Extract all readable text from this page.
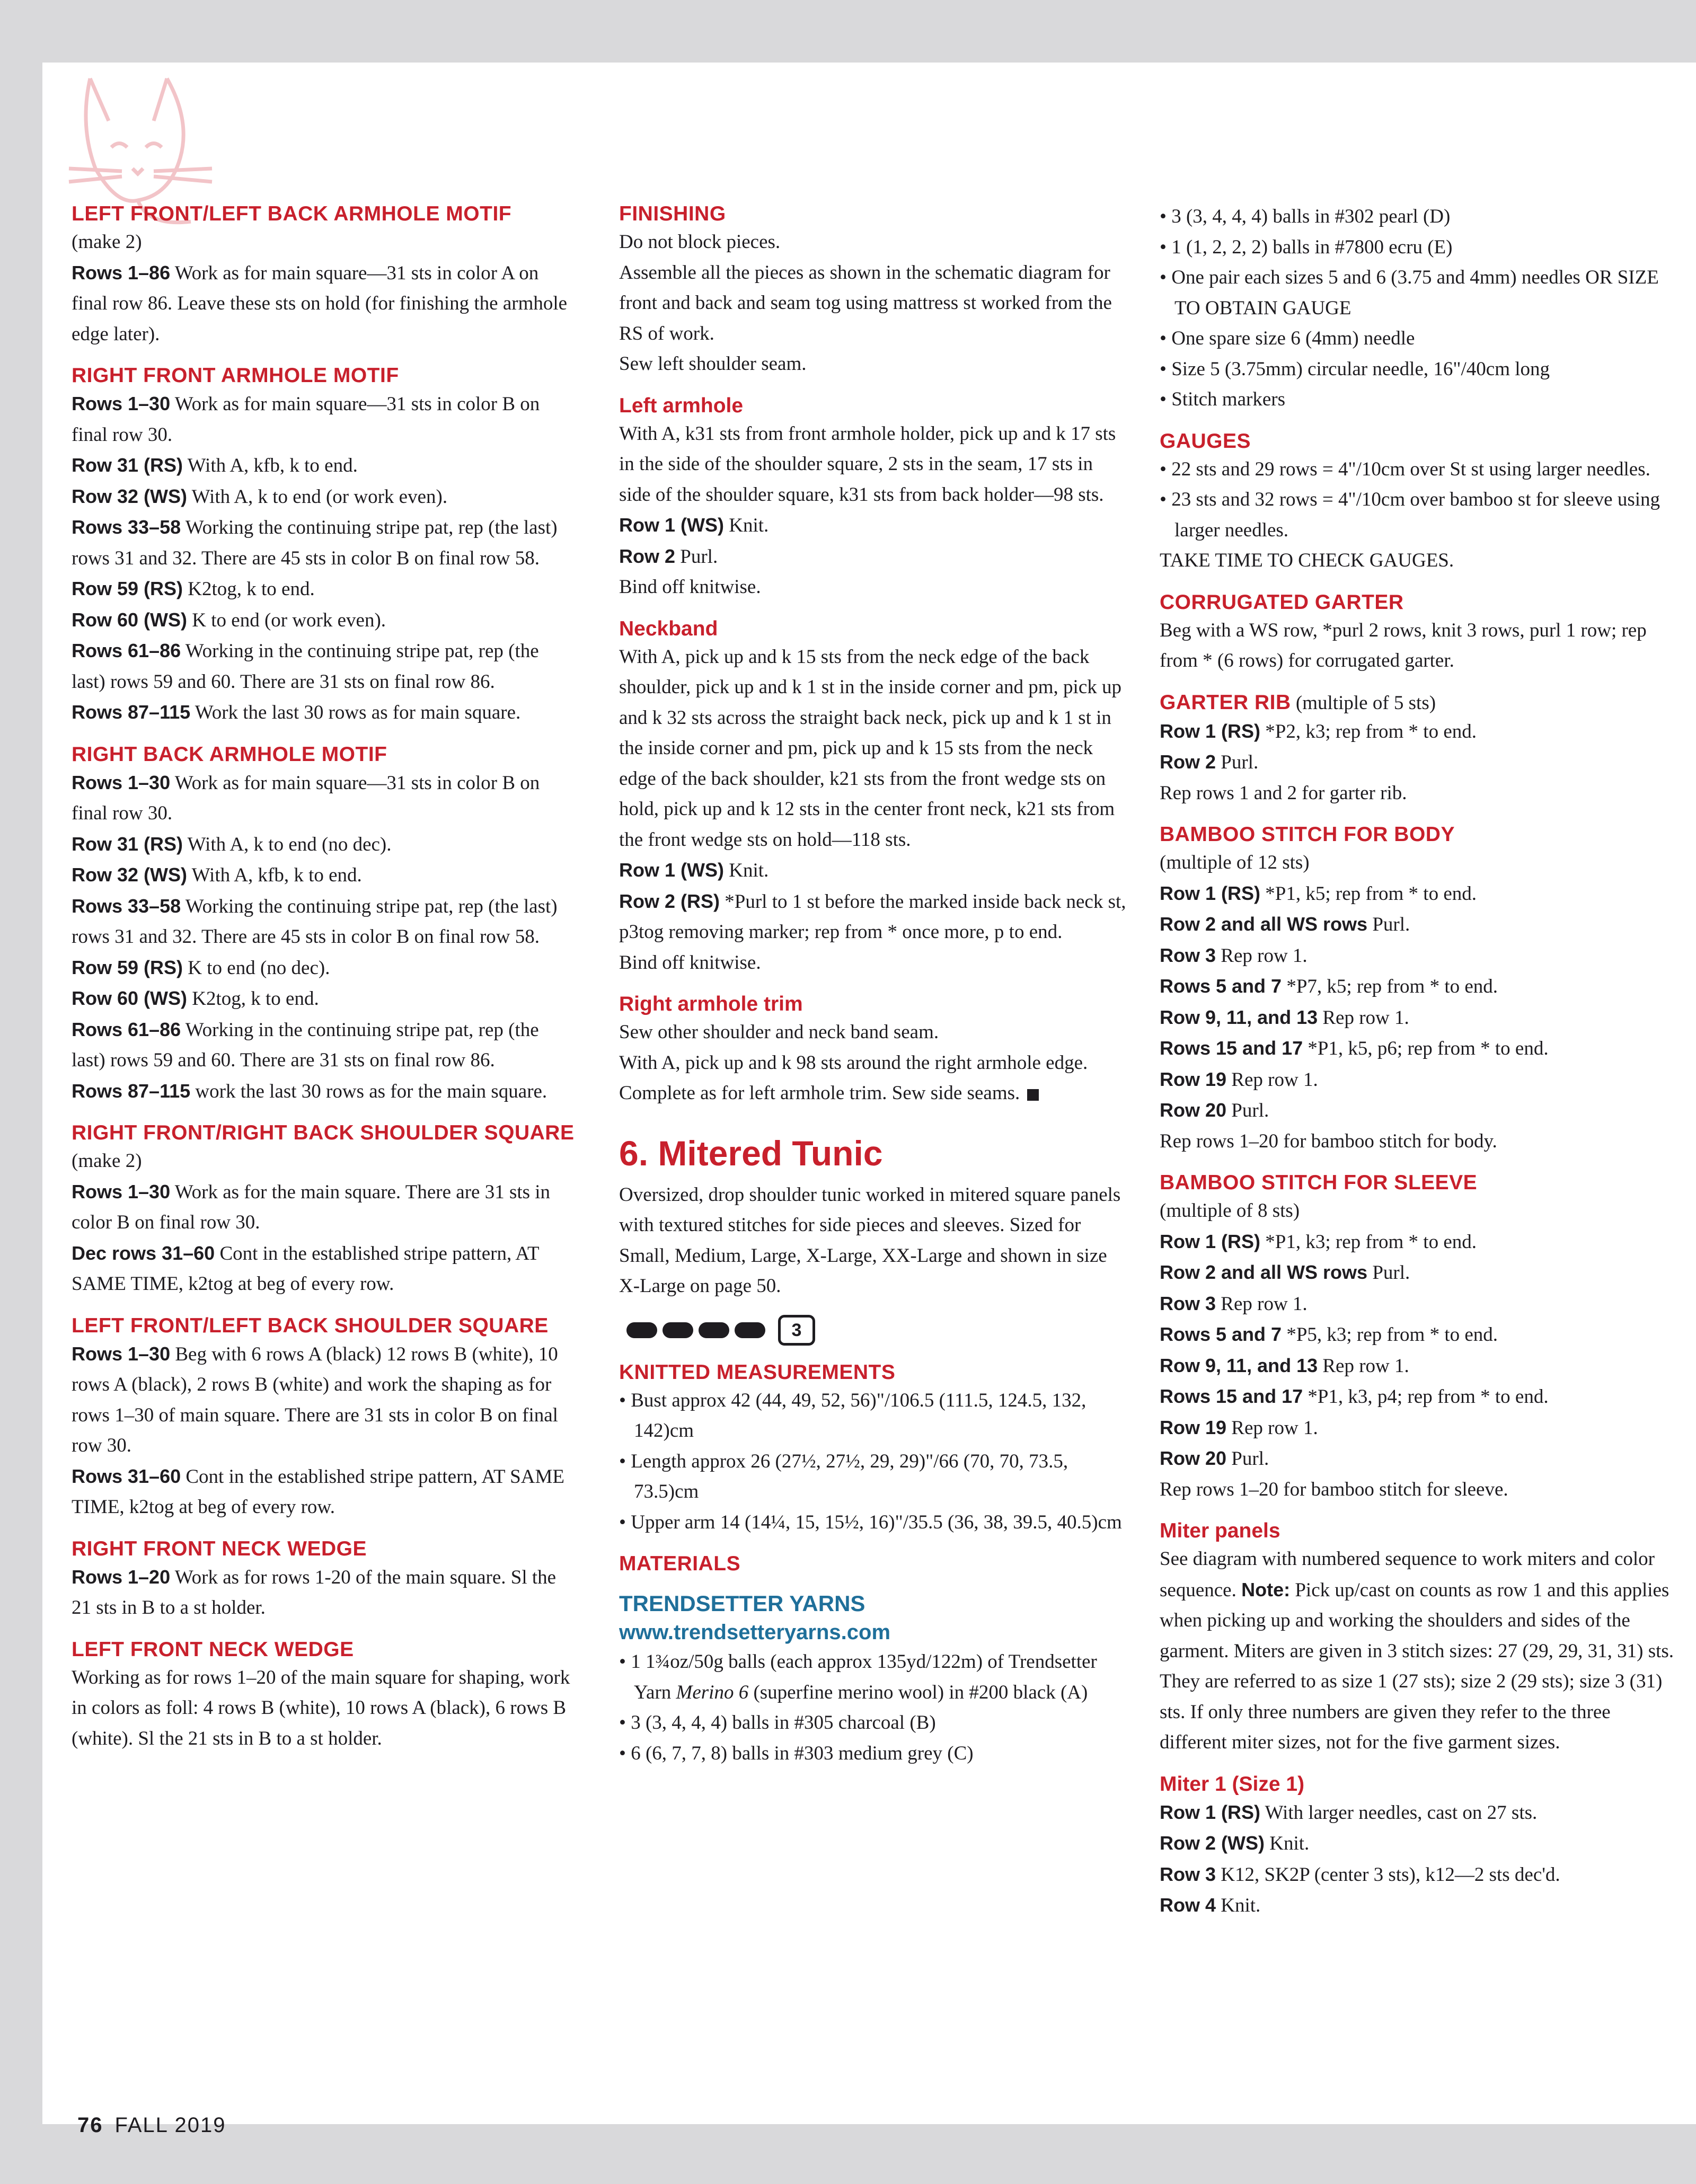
LEFT FRONT/LEFT BACK ARMHOLE MOTIF

(make 2)

Rows 1–86 Work as for main square—31 sts in color A on final row 86. Leave these sts on hold (for finishing the armhole edge later).

RIGHT FRONT ARMHOLE MOTIF

Rows 1–30 Work as for main square—31 sts in color B on final row 30.

Row 31 (RS) With A, kfb, k to end.

Row 32 (WS) With A, k to end (or work even).

Rows 33–58 Working the continuing stripe pat, rep (the last) rows 31 and 32. There are 45 sts in color B on final row 58.

Row 59 (RS) K2tog, k to end.

Row 60 (WS) K to end (or work even).

Rows 61–86 Working in the continuing stripe pat, rep (the last) rows 59 and 60. There are 31 sts on final row 86.

Rows 87–115 Work the last 30 rows as for main square.

RIGHT BACK ARMHOLE MOTIF

Rows 1–30 Work as for main square—31 sts in color B on final row 30.

Row 31 (RS) With A, k to end (no dec).

Row 32 (WS) With A, kfb, k to end.

Rows 33–58 Working the continuing stripe pat, rep (the last) rows 31 and 32. There are 45 sts in color B on final row 58.

Row 59 (RS) K to end (no dec).

Row 60 (WS) K2tog, k to end.

Rows 61–86 Working in the continuing stripe pat, rep (the last) rows 59 and 60. There are 31 sts on final row 86.

Rows 87–115 work the last 30 rows as for the main square.

RIGHT FRONT/RIGHT BACK SHOULDER SQUARE

(make 2)

Rows 1–30 Work as for the main square. There are 31 sts in color B on final row 30.

Dec rows 31–60 Cont in the established stripe pattern, AT SAME TIME, k2tog at beg of every row.

LEFT FRONT/LEFT BACK SHOULDER SQUARE

Rows 1–30 Beg with 6 rows A (black) 12 rows B (white), 10 rows A (black), 2 rows B (white) and work the shaping as for rows 1–30 of main square. There are 31 sts in color B on final row 30.

Rows 31–60 Cont in the established stripe pattern, AT SAME TIME, k2tog at beg of every row.

RIGHT FRONT NECK WEDGE

Rows 1–20 Work as for rows 1-20 of the main square. Sl the 21 sts in B to a st holder.

LEFT FRONT NECK WEDGE

Working as for rows 1–20 of the main square for shaping, work in colors as foll: 4 rows B (white), 10 rows A (black), 6 rows B (white). Sl the 21 sts in B to a st holder.

FINISHING

Do not block pieces.

Assemble all the pieces as shown in the schematic diagram for front and back and seam tog using mattress st worked from the RS of work.

Sew left shoulder seam.

Left armhole

With A, k31 sts from front armhole holder, pick up and k 17 sts in the side of the shoulder square, 2 sts in the seam, 17 sts in side of the shoulder square, k31 sts from back holder—98 sts.

Row 1 (WS) Knit.

Row 2 Purl.

Bind off knitwise.

Neckband

With A, pick up and k 15 sts from the neck edge of the back shoulder, pick up and k 1 st in the inside corner and pm, pick up and k 32 sts across the straight back neck, pick up and k 1 st in the inside corner and pm, pick up and k 15 sts from the neck edge of the back shoulder, k21 sts from the front wedge sts on hold, pick up and k 12 sts in the center front neck, k21 sts from the front wedge sts on hold—118 sts.

Row 1 (WS) Knit.

Row 2 (RS) *Purl to 1 st before the marked inside back neck st, p3tog removing marker; rep from * once more, p to end.

Bind off knitwise.

Right armhole trim

Sew other shoulder and neck band seam.

With A, pick up and k 98 sts around the right armhole edge. Complete as for left armhole trim. Sew side seams.

6. Mitered Tunic

Oversized, drop shoulder tunic worked in mitered square panels with textured stitches for side pieces and sleeves. Sized for Small, Medium, Large, X-Large, XX-Large and shown in size X-Large on page 50.

3
KNITTED MEASUREMENTS

• Bust approx 42 (44, 49, 52, 56)"/106.5 (111.5, 124.5, 132, 142)cm

• Length approx 26 (27½, 27½, 29, 29)"/66 (70, 70, 73.5, 73.5)cm

• Upper arm 14 (14¼, 15, 15½, 16)"/35.5 (36, 38, 39.5, 40.5)cm

MATERIALS
TRENDSETTER YARNS
www.trendsetteryarns.com

• 1 1¾oz/50g balls (each approx 135yd/122m) of Trendsetter Yarn Merino 6 (superfine merino wool) in #200 black (A)

• 3 (3, 4, 4, 4) balls in #305 charcoal (B)

• 6 (6, 7, 7, 8) balls in #303 medium grey (C)

• 3 (3, 4, 4, 4) balls in #302 pearl (D)

• 1 (1, 2, 2, 2) balls in #7800 ecru (E)

• One pair each sizes 5 and 6 (3.75 and 4mm) needles OR SIZE TO OBTAIN GAUGE

• One spare size 6 (4mm) needle

• Size 5 (3.75mm) circular needle, 16"/40cm long

• Stitch markers

GAUGES

• 22 sts and 29 rows = 4"/10cm over St st using larger needles.

• 23 sts and 32 rows = 4"/10cm over bamboo st for sleeve using larger needles.

TAKE TIME TO CHECK GAUGES.

CORRUGATED GARTER

Beg with a WS row, *purl 2 rows, knit 3 rows, purl 1 row; rep from * (6 rows) for corrugated garter.

GARTER RIB (multiple of 5 sts)

Row 1 (RS) *P2, k3; rep from * to end.

Row 2 Purl.

Rep rows 1 and 2 for garter rib.

BAMBOO STITCH FOR BODY

(multiple of 12 sts)

Row 1 (RS) *P1, k5; rep from * to end.

Row 2 and all WS rows Purl.

Row 3 Rep row 1.

Rows 5 and 7 *P7, k5; rep from * to end.

Row 9, 11, and 13 Rep row 1.

Rows 15 and 17 *P1, k5, p6; rep from * to end.

Row 19 Rep row 1.

Row 20 Purl.

Rep rows 1–20 for bamboo stitch for body.

BAMBOO STITCH FOR SLEEVE

(multiple of 8 sts)

Row 1 (RS) *P1, k3; rep from * to end.

Row 2 and all WS rows Purl.

Row 3 Rep row 1.

Rows 5 and 7 *P5, k3; rep from * to end.

Row 9, 11, and 13 Rep row 1.

Rows 15 and 17 *P1, k3, p4; rep from * to end.

Row 19 Rep row 1.

Row 20 Purl.

Rep rows 1–20 for bamboo stitch for sleeve.

Miter panels

See diagram with numbered sequence to work miters and color sequence. Note: Pick up/cast on counts as row 1 and this applies when picking up and working the shoulders and sides of the garment. Miters are given in 3 stitch sizes: 27 (29, 29, 31, 31) sts. They are referred to as size 1 (27 sts); size 2 (29 sts); size 3 (31) sts. If only three numbers are given they refer to the three different miter sizes, not for the five garment sizes.

Miter 1 (Size 1)

Row 1 (RS) With larger needles, cast on 27 sts.

Row 2 (WS) Knit.

Row 3 K12, SK2P (center 3 sts), k12—2 sts dec'd.

Row 4 Knit.

76 FALL 2019
